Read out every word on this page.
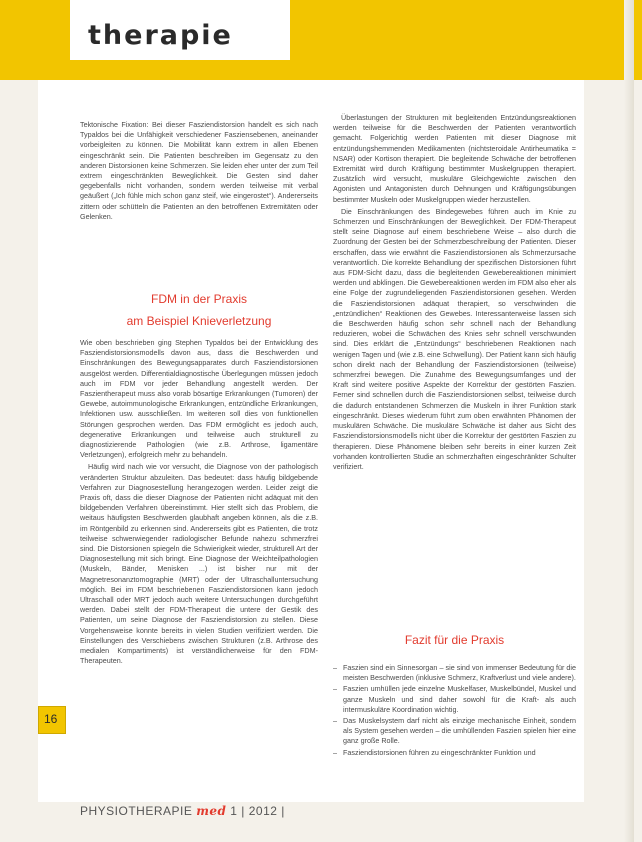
therapie

Tektonische Fixation: Bei dieser Fasziendistorsion handelt es sich nach Typaldos bei die Unfähigkeit verschiedener Fasziensebenen, aneinander vorbeigleiten zu können. Die Mobilität kann extrem in allen Ebenen eingeschränkt sein. Die Patienten beschreiben im Gegensatz zu den anderen Distorsionen keine Schmerzen. Sie leiden eher unter der zum Teil extrem eingeschränkten Beweglichkeit. Die Gesten sind daher gegebenfalls nicht vorhanden, sondern werden teilweise mit verbal geäußert („Ich fühle mich schon ganz steif, wie eingerostet“). Andererseits zittern oder schütteln die Patienten an den betroffenen Extremitäten oder Gelenken.

FDM in der Praxis
am Beispiel Knieverletzung

Wie oben beschrieben ging Stephen Typaldos bei der Entwicklung des Fasziendistorsionsmodells davon aus, dass die Beschwerden und Einschränkungen des Bewegungsapparates durch Fasziendistorsionen ausgelöst werden. Differentialdiagnostische Überlegungen müssen jedoch auch im FDM vor jeder Behandlung angestellt werden. Der Faszientherapeut muss also vorab bösartige Erkrankungen (Tumoren) der Gewebe, autoimmunologische Erkrankungen, entzündliche Erkrankungen, Infektionen usw. ausschließen. Im weiteren soll dies von funktionellen Störungen gesprochen werden. Das FDM ermöglicht es jedoch auch, degenerative Erkrankungen und teilweise auch strukturell zu diagnostizierende Pathologien (wie z.B. Arthrose, ligamentäre Verletzungen), erfolgreich mehr zu behandeln.

Häufig wird nach wie vor versucht, die Diagnose von der pathologisch veränderten Struktur abzuleiten. Das bedeutet: dass häufig bildgebende Verfahren zur Diagnosestellung herangezogen werden. Leider zeigt die Praxis oft, dass die dieser Diagnose der Patienten nicht adäquat mit den bildgebenden Verfahren übereinstimmt. Hier stellt sich das Problem, die weitaus häufigsten Beschwerden glaubhaft angeben können, als die z.B. im Röntgenbild zu erkennen sind. Andererseits gibt es Patienten, die trotz teilweise schwerwiegender radiologischer Befunde nahezu schmerzfrei sind. Die Distorsionen spiegeln die Schwierigkeit wieder, strukturell Art der Diagnosestellung mit sich bringt. Eine Diagnose der Weichteilpathologien (Muskeln, Bänder, Menisken ...) ist bisher nur mit der Magnetresonanztomographie (MRT) oder der Ultraschalluntersuchung möglich. Bei im FDM beschriebenen Fasziendistorsionen kann jedoch Ultraschall oder MRT jedoch auch weitere Untersuchungen durchgeführt werden. Dabei stellt der FDM-Therapeut die untere der Gestik des Patienten, um seine Diagnose der Fasziendistorsion zu stellen. Diese Vorgehensweise konnte bereits in vielen Studien verifiziert werden. Die Einstellungen des Verschiebens zwischen Strukturen (z.B. Arthrose des medialen Kompartiments) ist verständlicherweise für den FDM-Therapeuten.

Überlastungen der Strukturen mit begleitenden Entzündungsreaktionen werden teilweise für die Beschwerden der Patienten verantwortlich gemacht. Folgerichtig werden Patienten mit dieser Diagnose mit entzündungshemmenden Medikamenten (nichtsteroidale Antirheumatika = NSAR) oder Kortison therapiert. Die begleitende Schwäche der betroffenen Extremität wird durch Kräftigung bestimmter Muskelgruppen therapiert. Zusätzlich wird versucht, muskuläre Gleichgewichte zwischen den Agonisten und Antagonisten durch Dehnungen und Kräftigungsübungen bestimmter Muskeln oder Muskelgruppen wieder herzustellen.

Die Einschränkungen des Bindegewebes führen auch im Knie zu Schmerzen und Einschränkungen der Beweglichkeit. Der FDM-Therapeut stellt seine Diagnose auf einem beschriebene Weise – also durch die Zuordnung der Gesten bei der Schmerzbeschreibung der Patienten. Dieser erschaffen, dass wie erwähnt die Fasziendistorsionen als Schmerzursache verantwortlich. Die korrekte Behandlung der spezifischen Distorsionen führt aus FDM-Sicht dazu, dass die begleitenden Gewebereaktionen minimiert werden und abklingen. Die Gewebereaktionen werden im FDM also eher als eine Folge der zugrundeliegenden Fasziendistorsionen gesehen. Werden die Fasziendistorsionen adäquat therapiert, so verschwinden die „entzündlichen“ Reaktionen des Gewebes. Interessanterweise lassen sich die Beschwerden häufig schon sehr schnell nach der Behandlung reduzieren, wobei die Schwächen des Knies sehr schnell verschwunden sind. Dies erklärt die „Entzündungs“ beschriebenen Reaktionen nach wenigen Tagen und (wie z.B. eine Schwellung). Der Patient kann sich häufig schon direkt nach der Behandlung der Fasziendistorsionen (teilweise) schmerzfrei bewegen. Die Zunahme des Bewegungsumfanges und der Kraft sind weitere positive Aspekte der Korrektur der gestörten Faszien. Ferner sind schnellen durch die Fasziendistorsionen selbst, teilweise durch die dadurch entstandenen Schmerzen die Muskeln in ihrer Funktion stark eingeschränkt. Dieses wiederum führt zum oben erwähnten Phänomen der muskulären Schwäche. Die muskuläre Schwäche ist daher aus Sicht des Fasziendistorsionsmodells nicht über die Korrektur der gestörten Faszien zu therapieren. Diese Phänomene bleiben sehr bereits in einer kurzen Zeit vorhanden kontrollierten Studie an schmerzhaften eingeschränkter Schulter verifiziert.

Fazit für die Praxis
– Faszien sind ein Sinnesorgan – sie sind von immenser Bedeutung für die meisten Beschwerden (inklusive Schmerz, Kraftverlust und viele andere).
– Faszien umhüllen jede einzelne Muskelfaser, Muskelbündel, Muskel und ganze Muskeln und sind daher sowohl für die Kraft- als auch intermuskuläre Koordination wichtig.
– Das Muskelsystem darf nicht als einzige mechanische Einheit, sondern als System gesehen werden – die umhüllenden Faszien spielen hier eine ganz große Rolle.
– Fasziendistorsionen führen zu eingeschränkter Funktion und
16
PHYSIOTHERAPIE med 1 | 2012 |
